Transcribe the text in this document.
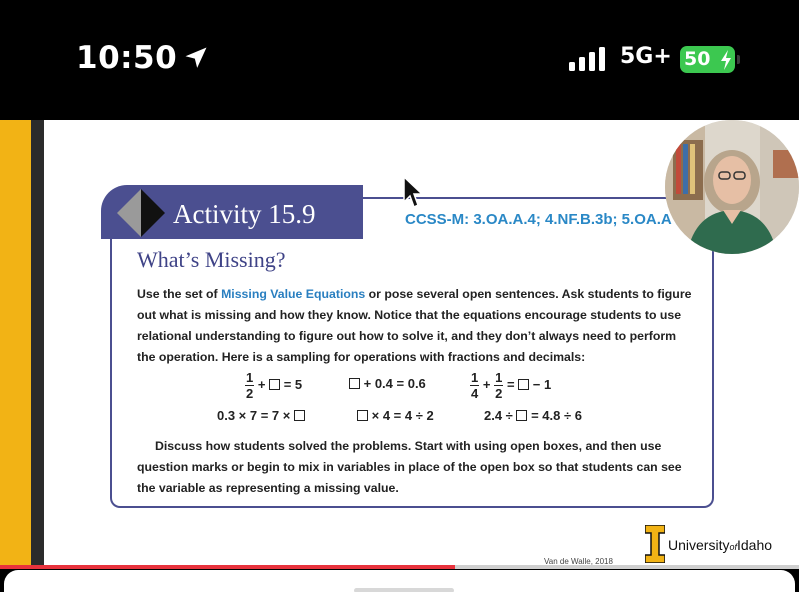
10:50	5G+ 50
Activity 15.9	CCSS-M: 3.OA.A.4; 4.NF.B.3b; 5.OA.A
What’s Missing?
Use the set of Missing Value Equations or pose several open sentences. Ask students to figure out what is missing and how they know. Notice that the equations encourage students to use relational understanding to figure out how to solve it, and they don’t always need to perform the operation. Here is a sampling for operations with fractions and decimals:
$\frac{1}{2}$ + = 5	+ 0.4 = 0.6	$\frac{1}{4} + \frac{1}{2}$ = − 1
0.3 × 7 = 7 ×	× 4 = 4 ÷ 2	2.4 ÷ = 4.8 ÷ 6
Discuss how students solved the problems. Start with using open boxes, and then use question marks or begin to mix in variables in place of the open box so that students can see the variable as representing a missing value.
UniversityofIdaho
Van de Walle, 2018
